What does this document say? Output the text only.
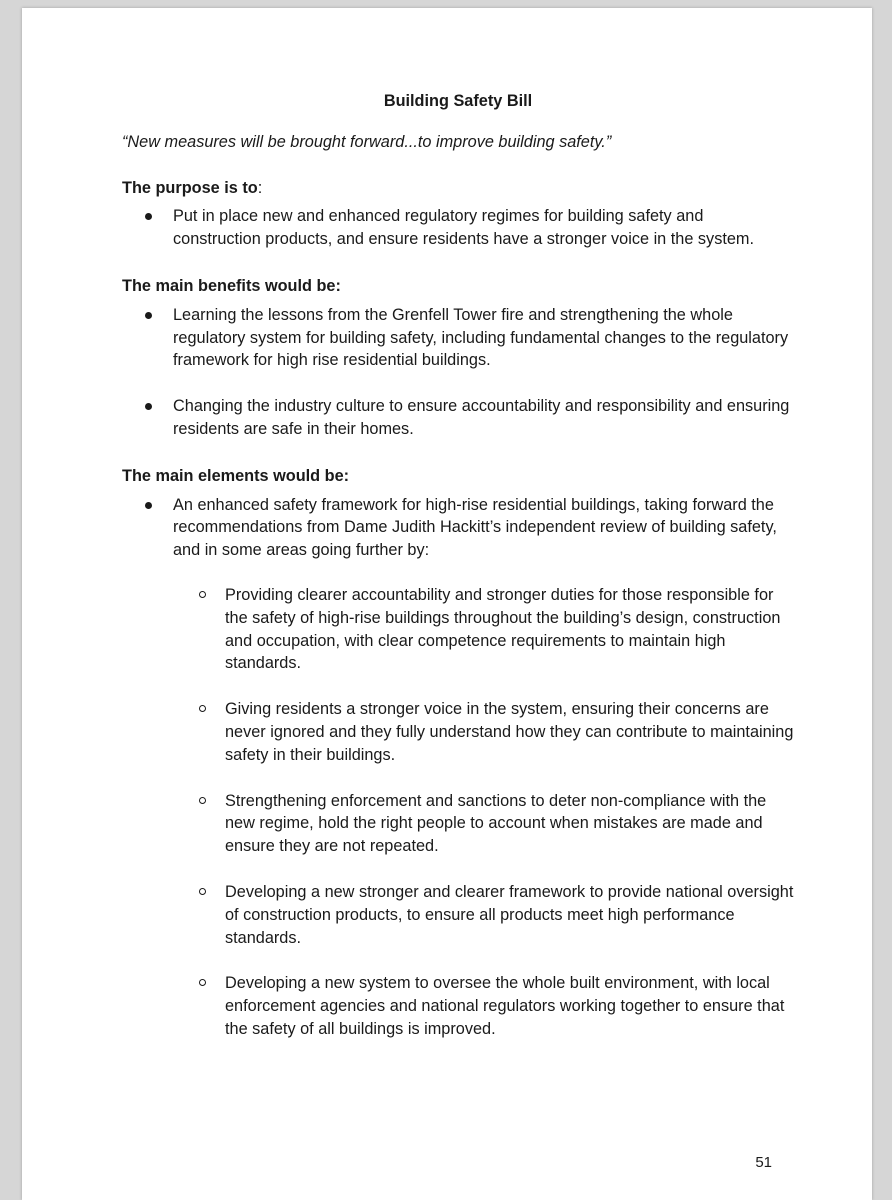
Building Safety Bill
“New measures will be brought forward...to improve building safety.”
The purpose is to:
Put in place new and enhanced regulatory regimes for building safety and construction products, and ensure residents have a stronger voice in the system.
The main benefits would be:
Learning the lessons from the Grenfell Tower fire and strengthening the whole regulatory system for building safety, including fundamental changes to the regulatory framework for high rise residential buildings.
Changing the industry culture to ensure accountability and responsibility and ensuring residents are safe in their homes.
The main elements would be:
An enhanced safety framework for high-rise residential buildings, taking forward the recommendations from Dame Judith Hackitt’s independent review of building safety, and in some areas going further by:
Providing clearer accountability and stronger duties for those responsible for the safety of high-rise buildings throughout the building’s design, construction and occupation, with clear competence requirements to maintain high standards.
Giving residents a stronger voice in the system, ensuring their concerns are never ignored and they fully understand how they can contribute to maintaining safety in their buildings.
Strengthening enforcement and sanctions to deter non-compliance with the new regime, hold the right people to account when mistakes are made and ensure they are not repeated.
Developing a new stronger and clearer framework to provide national oversight of construction products, to ensure all products meet high performance standards.
Developing a new system to oversee the whole built environment, with local enforcement agencies and national regulators working together to ensure that the safety of all buildings is improved.
51
